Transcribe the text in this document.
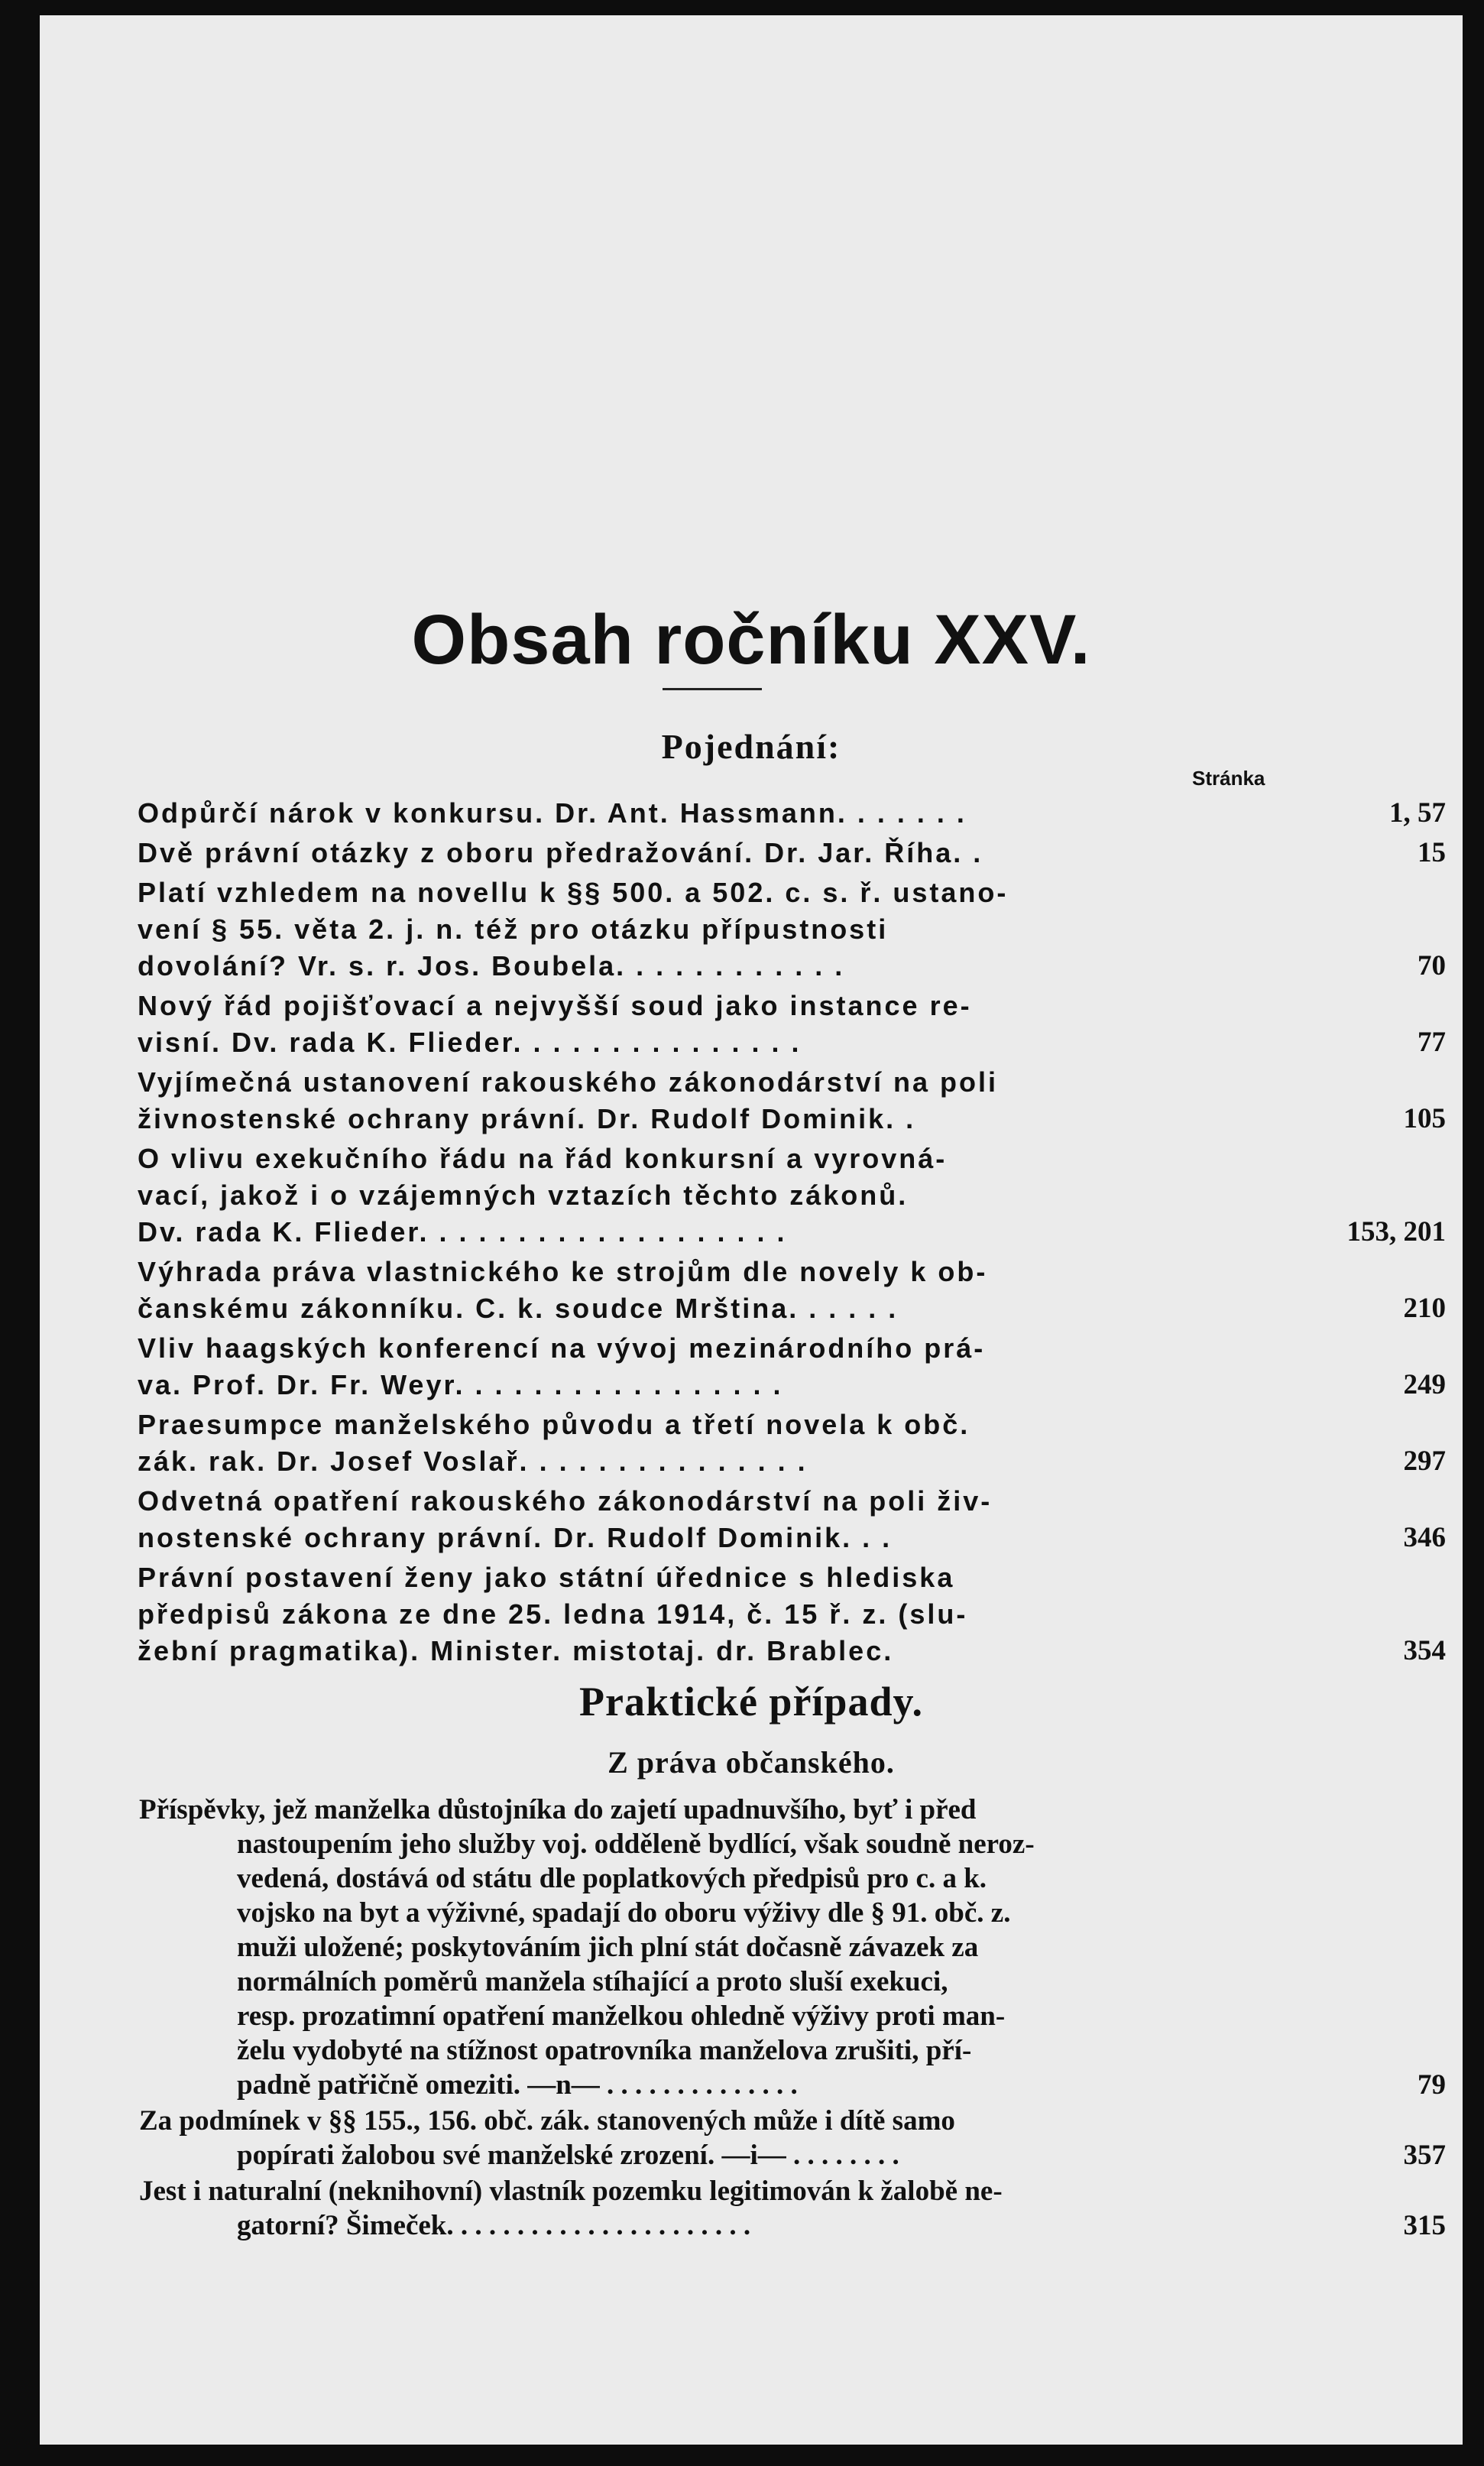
Obsah ročníku XXV.
Pojednání:
Stránka
Odpůrčí nárok v konkursu. Dr. Ant. Hassmann. . . . . . .	1, 57
Dvě právní otázky z oboru předražování. Dr. Jar. Říha. .	15
Platí vzhledem na novellu k §§ 500. a 502. c. s. ř. ustano-
vení § 55. věta 2. j. n. též pro otázku přípustnosti
dovolání? Vr. s. r. Jos. Boubela. . . . . . . . . . . .	70
Nový řád pojišťovací a nejvyšší soud jako instance re-
visní. Dv. rada K. Flieder. . . . . . . . . . . . . . .	77
Vyjímečná ustanovení rakouského zákonodárství na poli
živnostenské ochrany právní. Dr. Rudolf Dominik. .	105
O vlivu exekučního řádu na řád konkursní a vyrovná-
vací, jakož i o vzájemných vztazích těchto zákonů.
Dv. rada K. Flieder. . . . . . . . . . . . . . . . . . .	153, 201
Výhrada práva vlastnického ke strojům dle novely k ob-
čanskému zákonníku. C. k. soudce Mrština. . . . . .	210
Vliv haagských konferencí na vývoj mezinárodního prá-
va. Prof. Dr. Fr. Weyr. . . . . . . . . . . . . . . . .	249
Praesumpce manželského původu a třetí novela k obč.
zák. rak. Dr. Josef Voslař. . . . . . . . . . . . . . .	297
Odvetná opatření rakouského zákonodárství na poli živ-
nostenské ochrany právní. Dr. Rudolf Dominik. . .	346
Právní postavení ženy jako státní úřednice s hlediska
předpisů zákona ze dne 25. ledna 1914, č. 15 ř. z. (slu-
žební pragmatika). Minister. mistotaj. dr. Brablec.	354
Praktické případy.
Z práva občanského.
Příspěvky, jež manželka důstojníka do zajetí upadnuvšího, byť i před
nastoupením jeho služby voj. odděleně bydlící, však soudně neroz-
vedená, dostává od státu dle poplatkových předpisů pro c. a k.
vojsko na byt a výživné, spadají do oboru výživy dle § 91. obč. z.
muži uložené; poskytováním jich plní stát dočasně závazek za
normálních poměrů manžela stíhající a proto sluší exekuci,
resp. prozatimní opatření manželkou ohledně výživy proti man-
želu vydobyté na stížnost opatrovníka manželova zrušiti, pří-
padně patřičně omeziti. —n— . . . . . . . . . . . . . .	79
Za podmínek v §§ 155., 156. obč. zák. stanovených může i dítě samo
popírati žalobou své manželské zrození. —i— . . . . . . . .	357
Jest i naturalní (neknihovní) vlastník pozemku legitimován k žalobě ne-
gatorní? Šimeček. . . . . . . . . . . . . . . . . . . . . .	315
